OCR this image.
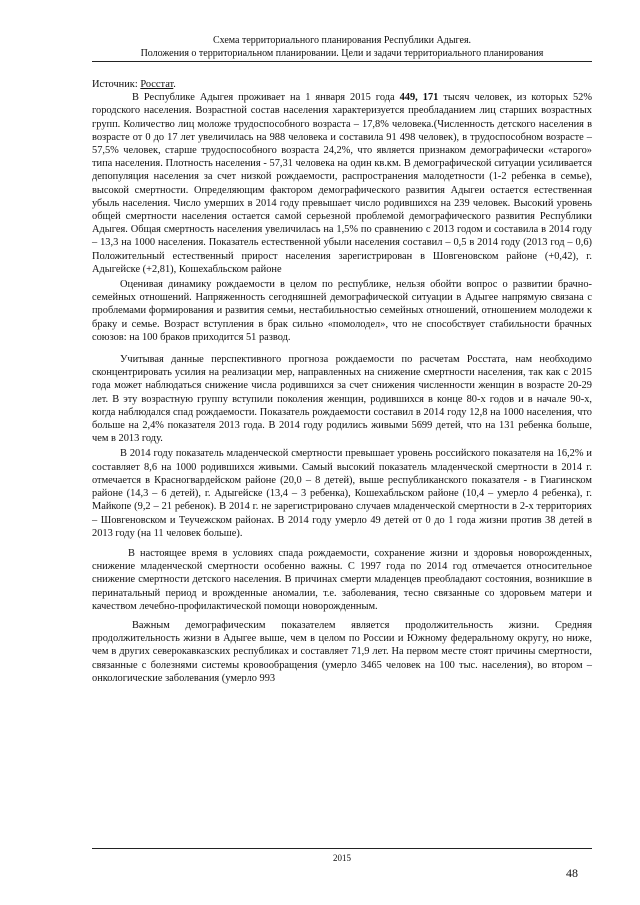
Схема территориального планирования Республики Адыгея.
Положения о территориальном планировании. Цели и задачи территориального планирования

Источник: Росстат.

В Республике Адыгея проживает на 1 января 2015 года 449, 171 тысяч человек, из которых 52% городского населения. Возрастной состав населения характеризуется преобладанием лиц старших возрастных групп. Количество лиц моложе трудоспособного возраста – 17,8% человека.(Численность детского населения в возрасте от 0 до 17 лет увеличилась на 988 человека и составила 91 498 человек), в трудоспособном возрасте – 57,5% человек, старше трудоспособного возраста 24,2%, что является признаком демографически «старого» типа населения. Плотность населения - 57,31 человека на один кв.км. В демографической ситуации усиливается депопуляция населения за счет низкой рождаемости, распространения малодетности (1-2 ребенка в семье), высокой смертности. Определяющим фактором демографического развития Адыгеи остается естественная убыль населения. Число умерших в 2014 году превышает число родившихся на 239 человек. Высокий уровень общей смертности населения остается самой серьезной проблемой демографического развития Республики Адыгея. Общая смертность населения увеличилась на 1,5% по сравнению с 2013 годом и составила в 2014 году – 13,3 на 1000 населения. Показатель естественной убыли населения составил – 0,5 в 2014 году (2013 год – 0,6) Положительный естественный прирост населения зарегистрирован в Шовгеновском районе (+0,42), г. Адыгейске (+2,81), Кошехабльском районе

Оценивая динамику рождаемости в целом по республике, нельзя обойти вопрос о развитии брачно-семейных отношений. Напряженность сегодняшней демографической ситуации в Адыгее напрямую связана с проблемами формирования и развития семьи, нестабильностью семейных отношений, отношением молодежи к браку и семье. Возраст вступления в брак сильно «помолодел», что не способствует стабильности брачных союзов: на 100 браков приходится 51 развод.

Учитывая данные перспективного прогноза рождаемости по расчетам Росстата, нам необходимо сконцентрировать усилия на реализации мер, направленных на снижение смертности населения, так как с 2015 года может наблюдаться снижение числа родившихся за счет снижения численности женщин в возрасте 20-29 лет. В эту возрастную группу вступили поколения женщин, родившихся в конце 80-х годов и в начале 90-х, когда наблюдался спад рождаемости. Показатель рождаемости составил в 2014 году 12,8 на 1000 населения, что больше на 2,4% показателя 2013 года. В 2014 году родились живыми 5699 детей, что на 131 ребенка больше, чем в 2013 году.

В 2014 году показатель младенческой смертности превышает уровень российского показателя на 16,2% и составляет 8,6 на 1000 родившихся живыми. Самый высокий показатель младенческой смертности в 2014 г. отмечается в Красногвардейском районе (20,0 – 8 детей), выше республиканского показателя - в Гиагинском районе (14,3 – 6 детей), г. Адыгейске (13,4 – 3 ребенка), Кошехабльском районе (10,4 – умерло 4 ребенка), г. Майкопе (9,2 – 21 ребенок). В 2014 г. не зарегистрировано случаев младенческой смертности в 2-х территориях – Шовгеновском и Теучежском районах. В 2014 году умерло 49 детей от 0 до 1 года жизни против 38 детей в 2013 году (на 11 человек больше).

В настоящее время в условиях спада рождаемости, сохранение жизни и здоровья новорожденных, снижение младенческой смертности особенно важны. С 1997 года по 2014 год отмечается относительное снижение смертности детского населения. В причинах смерти младенцев преобладают состояния, возникшие в перинатальный период и врожденные аномалии, т.е. заболевания, тесно связанные со здоровьем матери и качеством лечебно-профилактической помощи новорожденным.

Важным демографическим показателем является продолжительность жизни. Средняя продолжительность жизни в Адыгее выше, чем в целом по России и Южному федеральному округу, но ниже, чем в других северокавказских республиках и составляет 71,9 лет. На первом месте стоят причины смертности, связанные с болезнями системы кровообращения (умерло 3465 человек на 100 тыс. населения), во втором – онкологические заболевания (умерло 993

2015
48
